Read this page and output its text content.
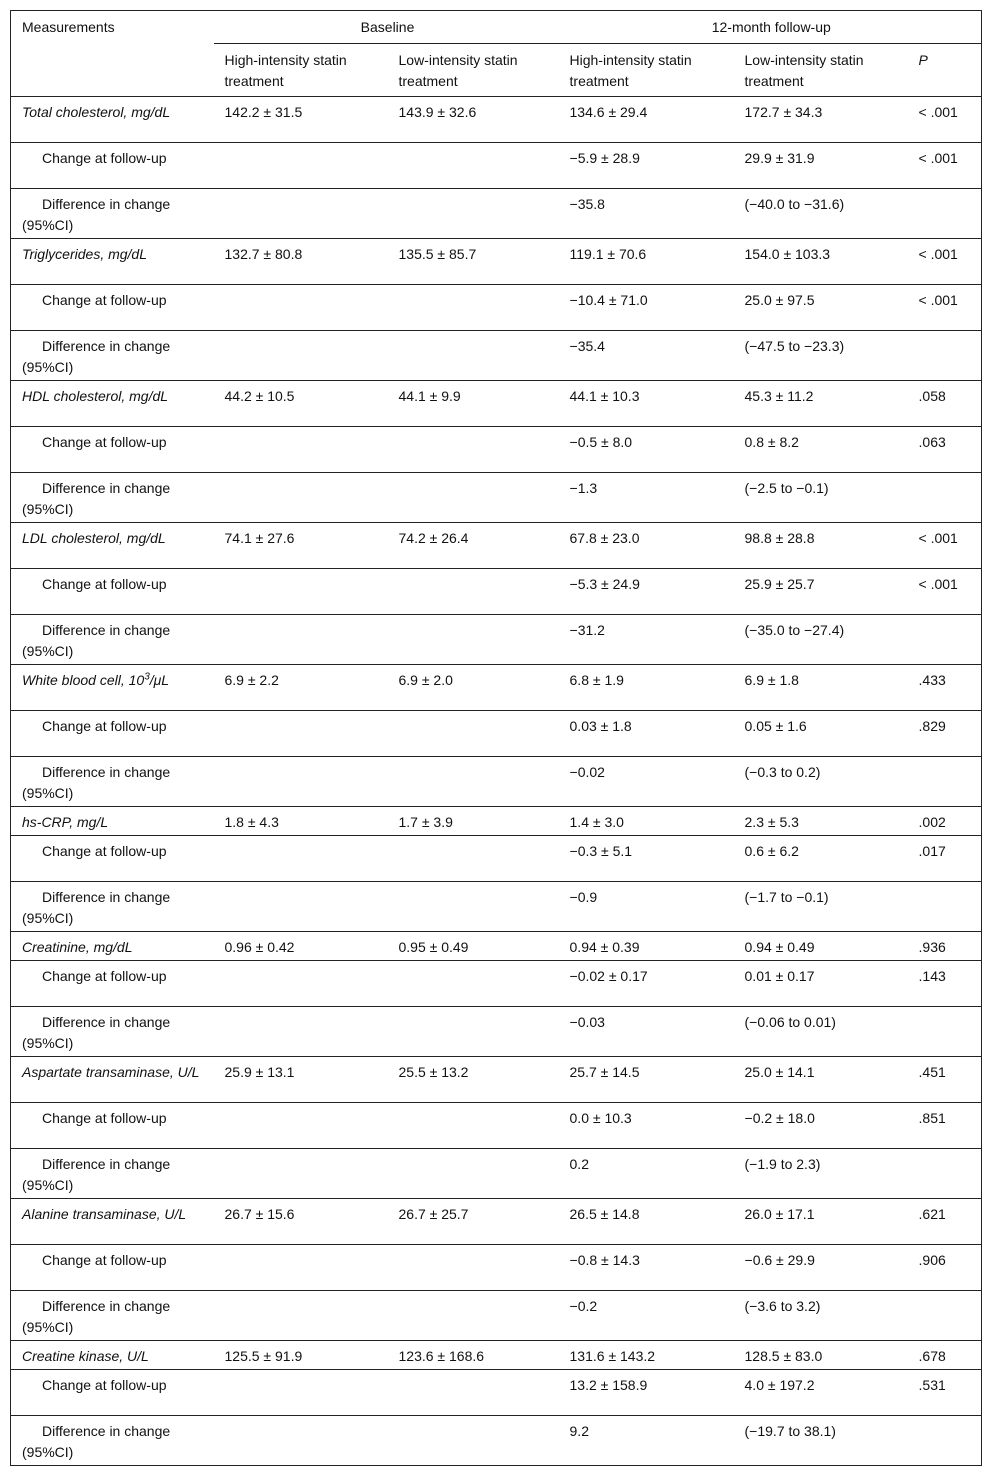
Measurements	Baseline		12-month follow-up		
	High-intensity statin treatment	Low-intensity statin treatment	High-intensity statin treatment	Low-intensity statin treatment	P
Total cholesterol, mg/dL	142.2 ± 31.5	143.9 ± 32.6	134.6 ± 29.4	172.7 ± 34.3	< .001
Change at follow-up			−5.9 ± 28.9	29.9 ± 31.9	< .001
Difference in change (95%CI)			−35.8	(−40.0 to −31.6)	
Triglycerides, mg/dL	132.7 ± 80.8	135.5 ± 85.7	119.1 ± 70.6	154.0 ± 103.3	< .001
Change at follow-up			−10.4 ± 71.0	25.0 ± 97.5	< .001
Difference in change (95%CI)			−35.4	(−47.5 to −23.3)	
HDL cholesterol, mg/dL	44.2 ± 10.5	44.1 ± 9.9	44.1 ± 10.3	45.3 ± 11.2	.058
Change at follow-up			−0.5 ± 8.0	0.8 ± 8.2	.063
Difference in change (95%CI)			−1.3	(−2.5 to −0.1)	
LDL cholesterol, mg/dL	74.1 ± 27.6	74.2 ± 26.4	67.8 ± 23.0	98.8 ± 28.8	< .001
Change at follow-up			−5.3 ± 24.9	25.9 ± 25.7	< .001
Difference in change (95%CI)			−31.2	(−35.0 to −27.4)	
White blood cell, $10^3/\mu L$	6.9 ± 2.2	6.9 ± 2.0	6.8 ± 1.9	6.9 ± 1.8	.433
Change at follow-up			0.03 ± 1.8	0.05 ± 1.6	.829
Difference in change (95%CI)			−0.02	(−0.3 to 0.2)	
hs-CRP, mg/L	1.8 ± 4.3	1.7 ± 3.9	1.4 ± 3.0	2.3 ± 5.3	.002
Change at follow-up			−0.3 ± 5.1	0.6 ± 6.2	.017
Difference in change (95%CI)			−0.9	(−1.7 to −0.1)	
Creatinine, mg/dL	0.96 ± 0.42	0.95 ± 0.49	0.94 ± 0.39	0.94 ± 0.49	.936
Change at follow-up			−0.02 ± 0.17	0.01 ± 0.17	.143
Difference in change (95%CI)			−0.03	(−0.06 to 0.01)	
Aspartate transaminase, U/L	25.9 ± 13.1	25.5 ± 13.2	25.7 ± 14.5	25.0 ± 14.1	.451
Change at follow-up			0.0 ± 10.3	−0.2 ± 18.0	.851
Difference in change (95%CI)			0.2	(−1.9 to 2.3)	
Alanine transaminase, U/L	26.7 ± 15.6	26.7 ± 25.7	26.5 ± 14.8	26.0 ± 17.1	.621
Change at follow-up			−0.8 ± 14.3	−0.6 ± 29.9	.906
Difference in change (95%CI)			−0.2	(−3.6 to 3.2)	
Creatine kinase, U/L	125.5 ± 91.9	123.6 ± 168.6	131.6 ± 143.2	128.5 ± 83.0	.678
Change at follow-up			13.2 ± 158.9	4.0 ± 197.2	.531
Difference in change (95%CI)			9.2	(−19.7 to 38.1)	
